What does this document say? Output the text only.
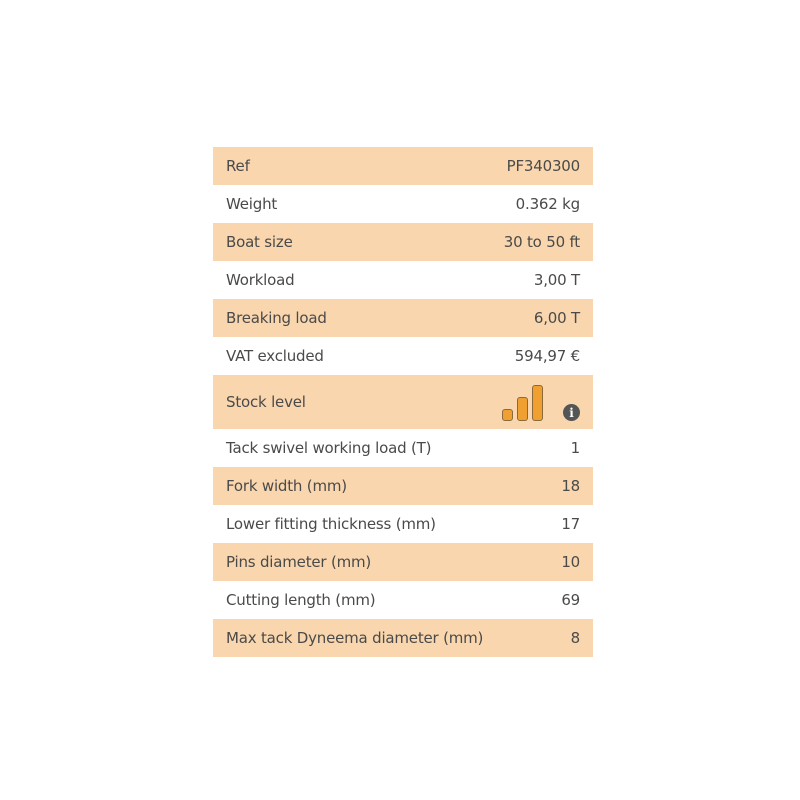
Ref	PF340300
Weight	0.362 kg
Boat size	30 to 50 ft
Workload	3,00 T
Breaking load	6,00 T
VAT excluded	594,97 €
Stock level
i
Tack swivel working load (T)	1
Fork width (mm)	18
Lower fitting thickness (mm)	17
Pins diameter (mm)	10
Cutting length (mm)	69
Max tack Dyneema diameter (mm)	8
